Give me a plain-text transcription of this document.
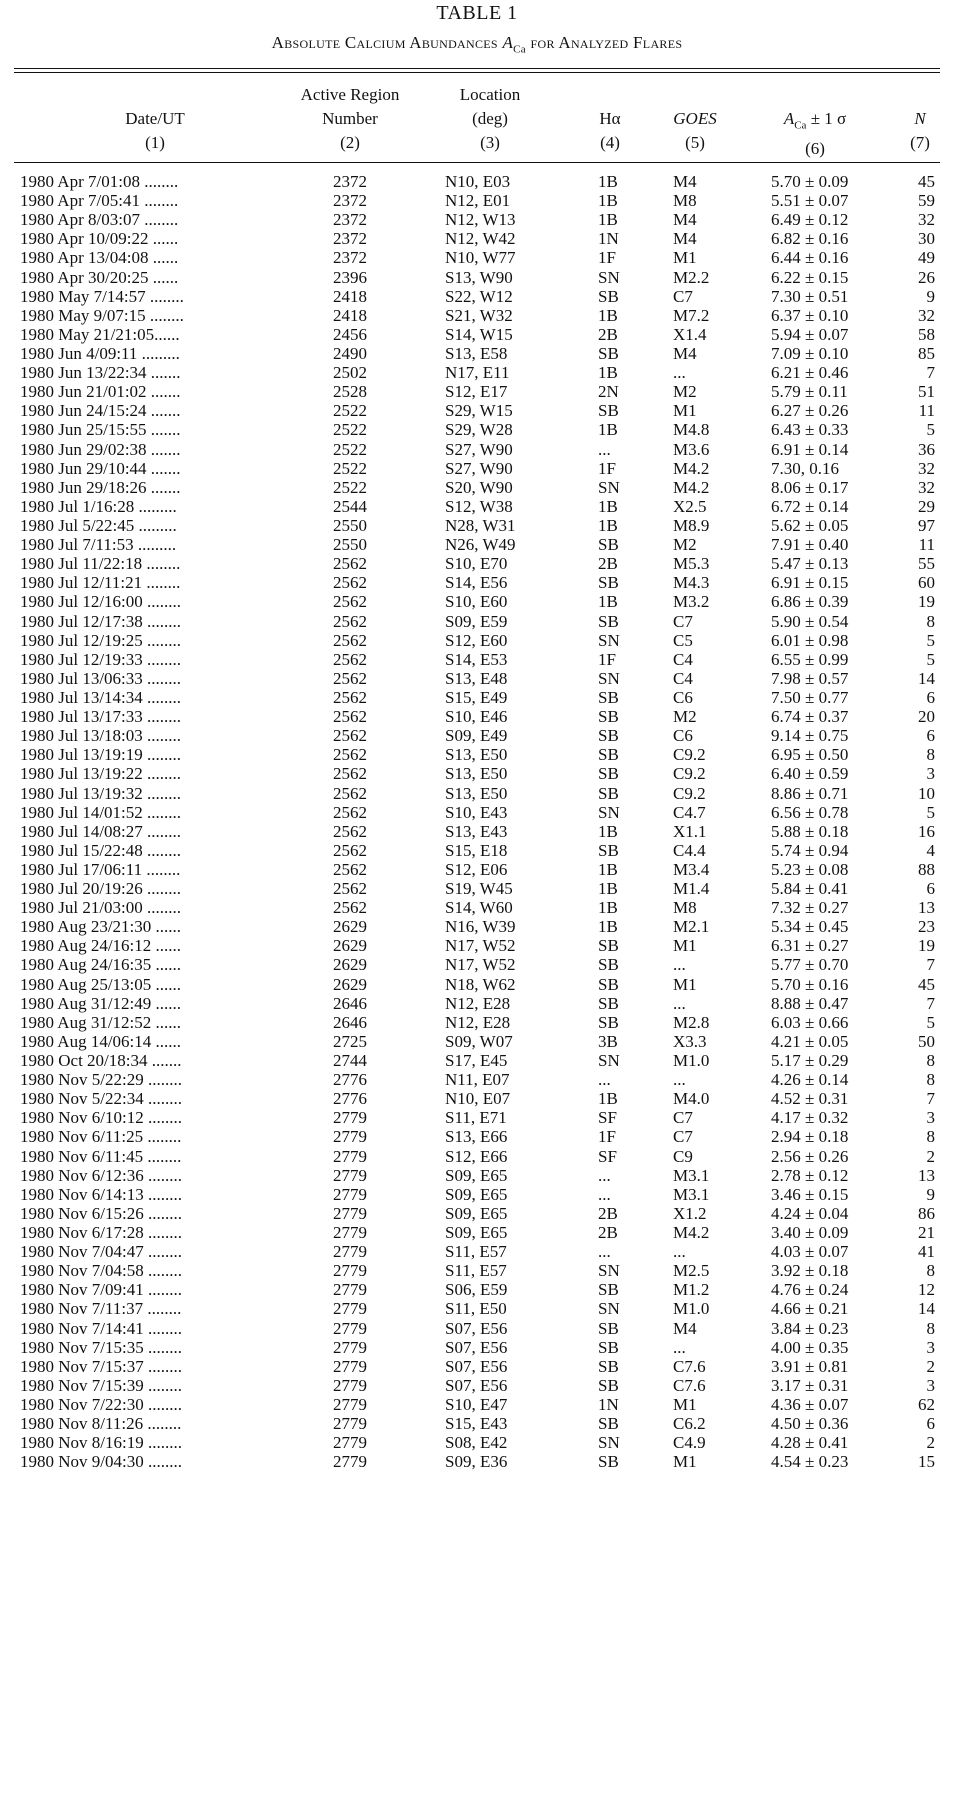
TABLE 1
Absolute Calcium Abundances $A_{Ca}$ for Analyzed Flares
Date/UT
(1)
Active Region
Number
(2)
Location
(deg)
(3)
Hα
(4)
GOES
(5)
$A_{Ca} \pm 1$ σ
(6)
N
(7)
1980 Apr 7/01:08 ........	2372	N10, E03	1B	M4	5.70 ± 0.09	45
1980 Apr 7/05:41 ........	2372	N12, E01	1B	M8	5.51 ± 0.07	59
1980 Apr 8/03:07 ........	2372	N12, W13	1B	M4	6.49 ± 0.12	32
1980 Apr 10/09:22 ......	2372	N12, W42	1N	M4	6.82 ± 0.16	30
1980 Apr 13/04:08 ......	2372	N10, W77	1F	M1	6.44 ± 0.16	49
1980 Apr 30/20:25 ......	2396	S13, W90	SN	M2.2	6.22 ± 0.15	26
1980 May 7/14:57 ........	2418	S22, W12	SB	C7	7.30 ± 0.51	9
1980 May 9/07:15 ........	2418	S21, W32	1B	M7.2	6.37 ± 0.10	32
1980 May 21/21:05......	2456	S14, W15	2B	X1.4	5.94 ± 0.07	58
1980 Jun 4/09:11 .........	2490	S13, E58	SB	M4	7.09 ± 0.10	85
1980 Jun 13/22:34 .......	2502	N17, E11	1B	...	6.21 ± 0.46	7
1980 Jun 21/01:02 .......	2528	S12, E17	2N	M2	5.79 ± 0.11	51
1980 Jun 24/15:24 .......	2522	S29, W15	SB	M1	6.27 ± 0.26	11
1980 Jun 25/15:55 .......	2522	S29, W28	1B	M4.8	6.43 ± 0.33	5
1980 Jun 29/02:38 .......	2522	S27, W90	...	M3.6	6.91 ± 0.14	36
1980 Jun 29/10:44 .......	2522	S27, W90	1F	M4.2	7.30, 0.16	32
1980 Jun 29/18:26 .......	2522	S20, W90	SN	M4.2	8.06 ± 0.17	32
1980 Jul 1/16:28 .........	2544	S12, W38	1B	X2.5	6.72 ± 0.14	29
1980 Jul 5/22:45 .........	2550	N28, W31	1B	M8.9	5.62 ± 0.05	97
1980 Jul 7/11:53 .........	2550	N26, W49	SB	M2	7.91 ± 0.40	11
1980 Jul 11/22:18 ........	2562	S10, E70	2B	M5.3	5.47 ± 0.13	55
1980 Jul 12/11:21 ........	2562	S14, E56	SB	M4.3	6.91 ± 0.15	60
1980 Jul 12/16:00 ........	2562	S10, E60	1B	M3.2	6.86 ± 0.39	19
1980 Jul 12/17:38 ........	2562	S09, E59	SB	C7	5.90 ± 0.54	8
1980 Jul 12/19:25 ........	2562	S12, E60	SN	C5	6.01 ± 0.98	5
1980 Jul 12/19:33 ........	2562	S14, E53	1F	C4	6.55 ± 0.99	5
1980 Jul 13/06:33 ........	2562	S13, E48	SN	C4	7.98 ± 0.57	14
1980 Jul 13/14:34 ........	2562	S15, E49	SB	C6	7.50 ± 0.77	6
1980 Jul 13/17:33 ........	2562	S10, E46	SB	M2	6.74 ± 0.37	20
1980 Jul 13/18:03 ........	2562	S09, E49	SB	C6	9.14 ± 0.75	6
1980 Jul 13/19:19 ........	2562	S13, E50	SB	C9.2	6.95 ± 0.50	8
1980 Jul 13/19:22 ........	2562	S13, E50	SB	C9.2	6.40 ± 0.59	3
1980 Jul 13/19:32 ........	2562	S13, E50	SB	C9.2	8.86 ± 0.71	10
1980 Jul 14/01:52 ........	2562	S10, E43	SN	C4.7	6.56 ± 0.78	5
1980 Jul 14/08:27 ........	2562	S13, E43	1B	X1.1	5.88 ± 0.18	16
1980 Jul 15/22:48 ........	2562	S15, E18	SB	C4.4	5.74 ± 0.94	4
1980 Jul 17/06:11 ........	2562	S12, E06	1B	M3.4	5.23 ± 0.08	88
1980 Jul 20/19:26 ........	2562	S19, W45	1B	M1.4	5.84 ± 0.41	6
1980 Jul 21/03:00 ........	2562	S14, W60	1B	M8	7.32 ± 0.27	13
1980 Aug 23/21:30 ......	2629	N16, W39	1B	M2.1	5.34 ± 0.45	23
1980 Aug 24/16:12 ......	2629	N17, W52	SB	M1	6.31 ± 0.27	19
1980 Aug 24/16:35 ......	2629	N17, W52	SB	...	5.77 ± 0.70	7
1980 Aug 25/13:05 ......	2629	N18, W62	SB	M1	5.70 ± 0.16	45
1980 Aug 31/12:49 ......	2646	N12, E28	SB	...	8.88 ± 0.47	7
1980 Aug 31/12:52 ......	2646	N12, E28	SB	M2.8	6.03 ± 0.66	5
1980 Aug 14/06:14 ......	2725	S09, W07	3B	X3.3	4.21 ± 0.05	50
1980 Oct 20/18:34 .......	2744	S17, E45	SN	M1.0	5.17 ± 0.29	8
1980 Nov 5/22:29 ........	2776	N11, E07	...	...	4.26 ± 0.14	8
1980 Nov 5/22:34 ........	2776	N10, E07	1B	M4.0	4.52 ± 0.31	7
1980 Nov 6/10:12 ........	2779	S11, E71	SF	C7	4.17 ± 0.32	3
1980 Nov 6/11:25 ........	2779	S13, E66	1F	C7	2.94 ± 0.18	8
1980 Nov 6/11:45 ........	2779	S12, E66	SF	C9	2.56 ± 0.26	2
1980 Nov 6/12:36 ........	2779	S09, E65	...	M3.1	2.78 ± 0.12	13
1980 Nov 6/14:13 ........	2779	S09, E65	...	M3.1	3.46 ± 0.15	9
1980 Nov 6/15:26 ........	2779	S09, E65	2B	X1.2	4.24 ± 0.04	86
1980 Nov 6/17:28 ........	2779	S09, E65	2B	M4.2	3.40 ± 0.09	21
1980 Nov 7/04:47 ........	2779	S11, E57	...	...	4.03 ± 0.07	41
1980 Nov 7/04:58 ........	2779	S11, E57	SN	M2.5	3.92 ± 0.18	8
1980 Nov 7/09:41 ........	2779	S06, E59	SB	M1.2	4.76 ± 0.24	12
1980 Nov 7/11:37 ........	2779	S11, E50	SN	M1.0	4.66 ± 0.21	14
1980 Nov 7/14:41 ........	2779	S07, E56	SB	M4	3.84 ± 0.23	8
1980 Nov 7/15:35 ........	2779	S07, E56	SB	...	4.00 ± 0.35	3
1980 Nov 7/15:37 ........	2779	S07, E56	SB	C7.6	3.91 ± 0.81	2
1980 Nov 7/15:39 ........	2779	S07, E56	SB	C7.6	3.17 ± 0.31	3
1980 Nov 7/22:30 ........	2779	S10, E47	1N	M1	4.36 ± 0.07	62
1980 Nov 8/11:26 ........	2779	S15, E43	SB	C6.2	4.50 ± 0.36	6
1980 Nov 8/16:19 ........	2779	S08, E42	SN	C4.9	4.28 ± 0.41	2
1980 Nov 9/04:30 ........	2779	S09, E36	SB	M1	4.54 ± 0.23	15
